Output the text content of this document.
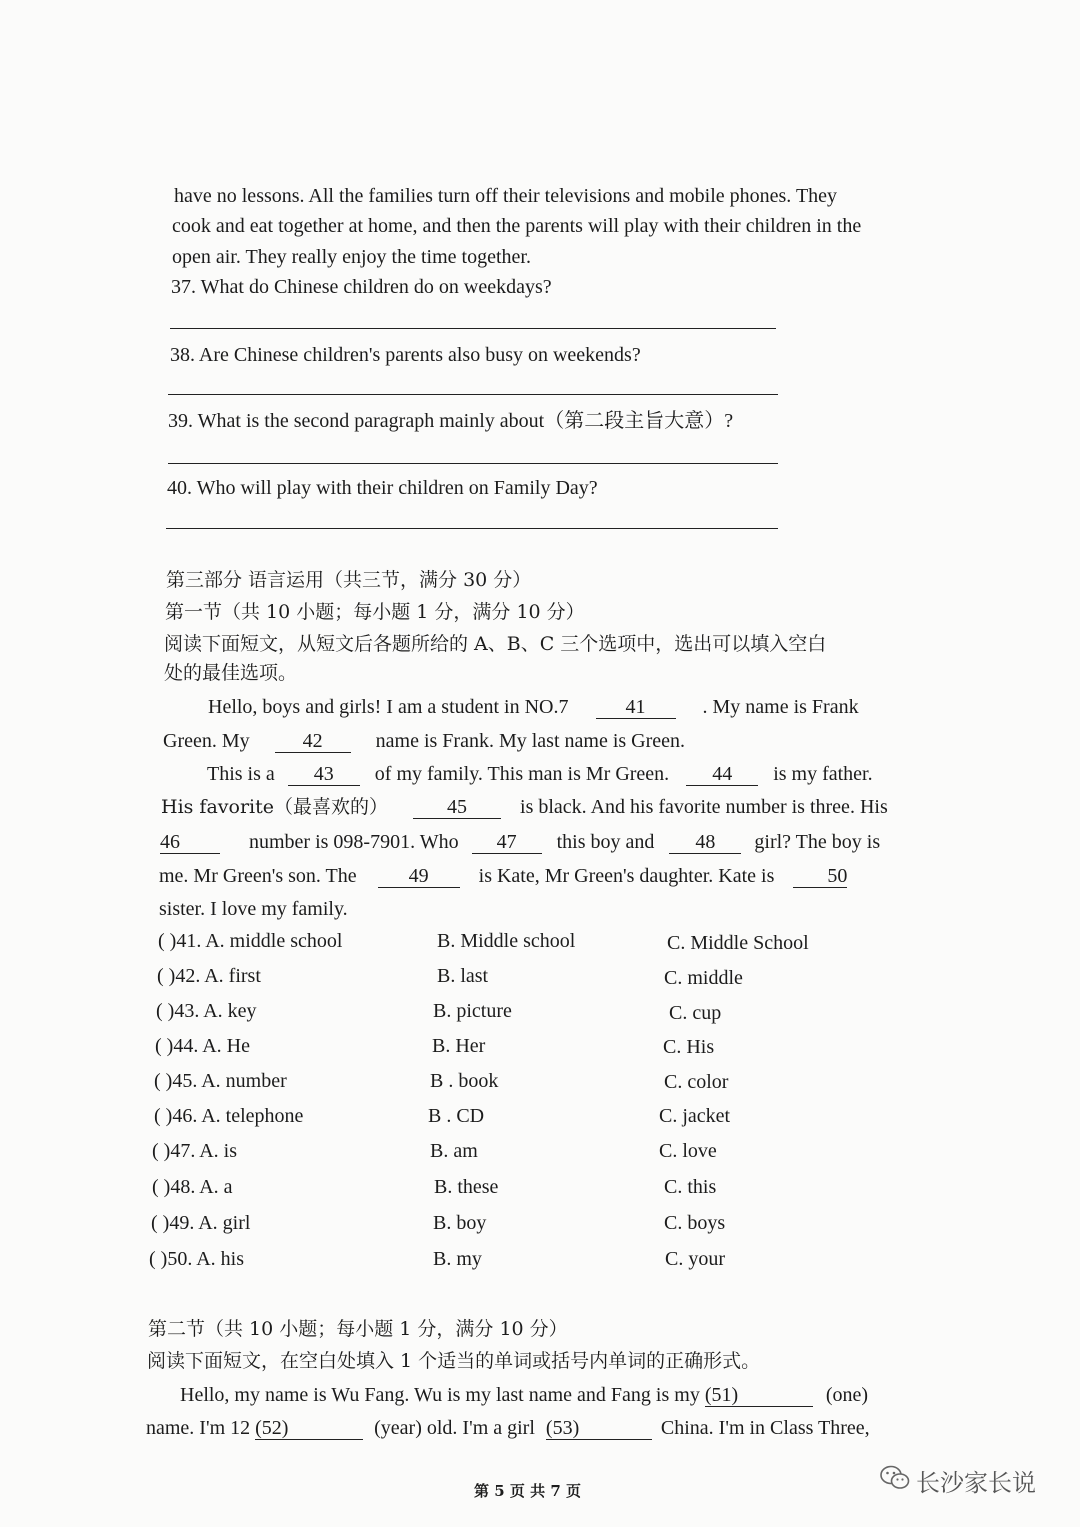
have no lessons. All the families turn off their televisions and mobile phones. They
cook and eat together at home, and then the parents will play with their children in the
open air. They really enjoy the time together.
37. What do Chinese children do on weekdays?
38. Are Chinese children's parents also busy on weekends?
39. What is the second paragraph mainly about（第二段主旨大意）?
40. Who will play with their children on Family Day?
第三部分 语言运用（共三节，满分 30 分）
第一节（共 10 小题；每小题 1 分，满分 10 分）
阅读下面短文，从短文后各题所给的 A、B、C 三个选项中，选出可以填入空白
处的最佳选项。
Hello, boys and girls! I am a student in NO.7	41	. My name is Frank
Green. My	42	name is Frank. My last name is Green.
This is a 43 of my family. This man is Mr Green. 44 is my father.
His favorite（最喜欢的）	45	is black. And his favorite number is three. His
46	number is 098-7901. Who 47 this boy and 48 girl? The boy is
me. Mr Green's son. The	49	is Kate, Mr Green's daughter. Kate is	50
sister. I love my family.
( )41. A. middle school	B. Middle school	C. Middle School
( )42. A. first	B. last	C. middle
( )43. A. key	B. picture	C. cup
( )44. A. He	B. Her	C. His
( )45. A. number	B . book	C. color
( )46. A. telephone	B . CD	C. jacket
( )47. A. is	B. am	C. love
( )48. A. a	B. these	C. this
( )49. A. girl	B. boy	C. boys
( )50. A. his	B. my	C. your
第二节（共 10 小题；每小题 1 分，满分 10 分）
阅读下面短文，在空白处填入 1 个适当的单词或括号内单词的正确形式。
Hello, my name is Wu Fang. Wu is my last name and Fang is my (51)	(one)
name. I'm 12 (52)	(year) old. I'm a girl (53)	China. I'm in Class Three,
第 5 页 共 7 页	长沙家长说
